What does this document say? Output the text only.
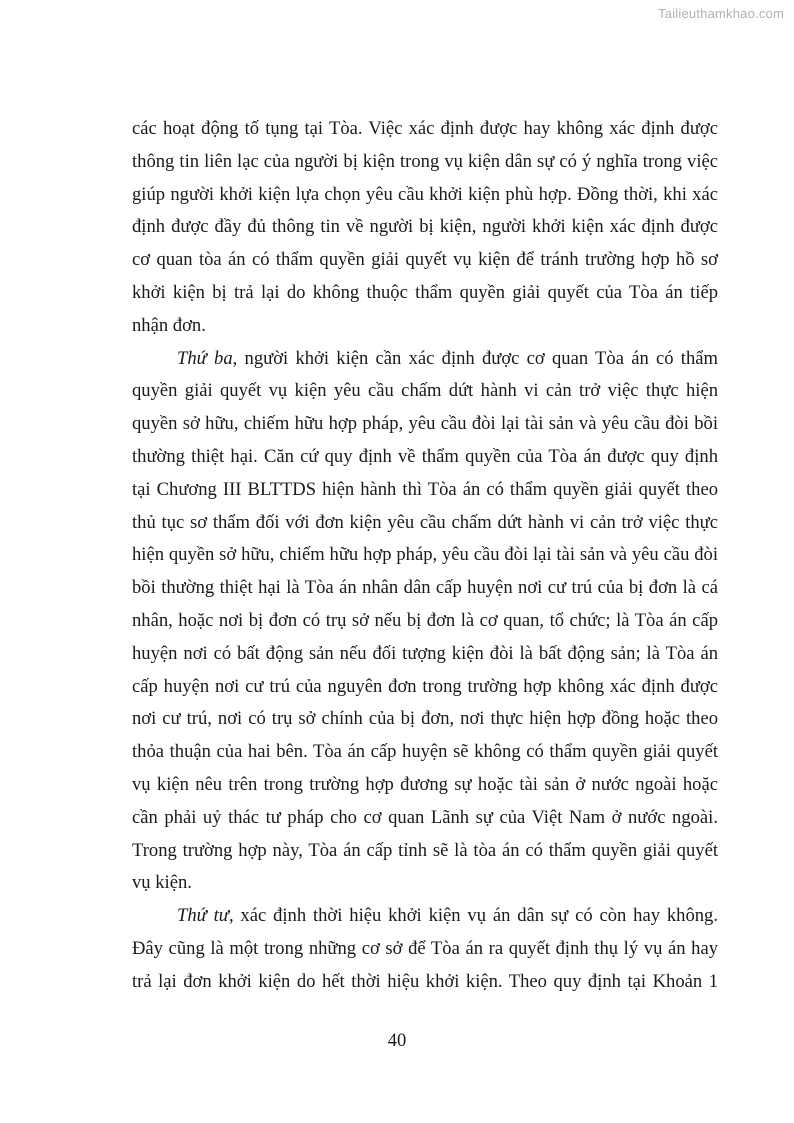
Tailieuthamkhao.com
các hoạt động tố tụng tại Tòa. Việc xác định được hay không xác định được
thông tin liên lạc của người bị kiện trong vụ kiện dân sự có ý nghĩa trong việc
giúp người khởi kiện lựa chọn yêu cầu khởi kiện phù hợp. Đồng thời, khi xác
định được đầy đủ thông tin về người bị kiện, người khởi kiện xác định được
cơ quan tòa án có thẩm quyền giải quyết vụ kiện để tránh trường hợp hồ sơ
khởi kiện bị trả lại do không thuộc thẩm quyền giải quyết của Tòa án tiếp
nhận đơn.
Thứ ba, người khởi kiện cần xác định được cơ quan Tòa án có thẩm
quyền giải quyết vụ kiện yêu cầu chấm dứt hành vi cản trở việc thực hiện
quyền sở hữu, chiếm hữu hợp pháp, yêu cầu đòi lại tài sản và yêu cầu đòi bồi
thường thiệt hại. Căn cứ quy định về thẩm quyền của Tòa án được quy định
tại Chương III BLTTDS hiện hành thì Tòa án có thẩm quyền giải quyết theo
thủ tục sơ thẩm đối với đơn kiện yêu cầu chấm dứt hành vi cản trở việc thực
hiện quyền sở hữu, chiếm hữu hợp pháp, yêu cầu đòi lại tài sản và yêu cầu đòi
bồi thường thiệt hại là Tòa án nhân dân cấp huyện nơi cư trú của bị đơn là cá
nhân, hoặc nơi bị đơn có trụ sở nếu bị đơn là cơ quan, tổ chức; là Tòa án cấp
huyện nơi có bất động sản nếu đối tượng kiện đòi là bất động sản; là Tòa án
cấp huyện nơi cư trú của nguyên đơn trong trường hợp không xác định được
nơi cư trú, nơi có trụ sở chính của bị đơn, nơi thực hiện hợp đồng hoặc theo
thỏa thuận của hai bên. Tòa án cấp huyện sẽ không có thẩm quyền giải quyết
vụ kiện nêu trên trong trường hợp đương sự hoặc tài sản ở nước ngoài hoặc
cần phải uỷ thác tư pháp cho cơ quan Lãnh sự của Việt Nam ở nước ngoài.
Trong trường hợp này, Tòa án cấp tỉnh sẽ là tòa án có thẩm quyền giải quyết
vụ kiện.
Thứ tư, xác định thời hiệu khởi kiện vụ án dân sự có còn hay không.
Đây cũng là một trong những cơ sở để Tòa án ra quyết định thụ lý vụ án hay
trả lại đơn khởi kiện do hết thời hiệu khởi kiện. Theo quy định tại Khoản 1
40
